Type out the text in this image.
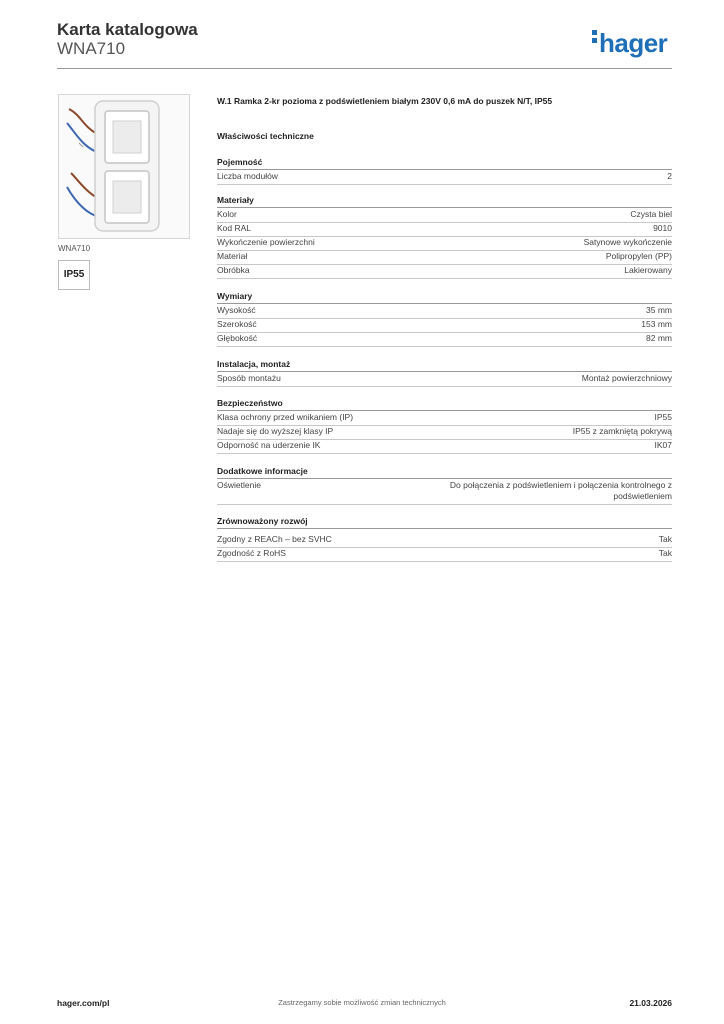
Karta katalogowa
WNA710	hager
WNA710
IP55
W.1 Ramka 2-kr pozioma z podświetleniem białym 230V 0,6 mA do puszek N/T, IP55
Właściwości techniczne
Pojemność
Liczba modułów	2
Materiały
Kolor	Czysta biel
Kod RAL	9010
Wykończenie powierzchni	Satynowe wykończenie
Materiał	Polipropylen (PP)
Obróbka	Lakierowany
Wymiary
Wysokość	35 mm
Szerokość	153 mm
Głębokość	82 mm
Instalacja, montaż
Sposób montażu	Montaż powierzchniowy
Bezpieczeństwo
Klasa ochrony przed wnikaniem (IP)	IP55
Nadaje się do wyższej klasy IP	IP55 z zamkniętą pokrywą
Odporność na uderzenie IK	IK07
Dodatkowe informacje
Oświetlenie	Do połączenia z podświetleniem i połączenia kontrolnego z podświetleniem
Zrównoważony rozwój
Zgodny z REACh – bez SVHC	Tak
Zgodność z RoHS	Tak
Zastrzegamy sobie możliwość zmian technicznych
hager.com/pl	21.03.2026
